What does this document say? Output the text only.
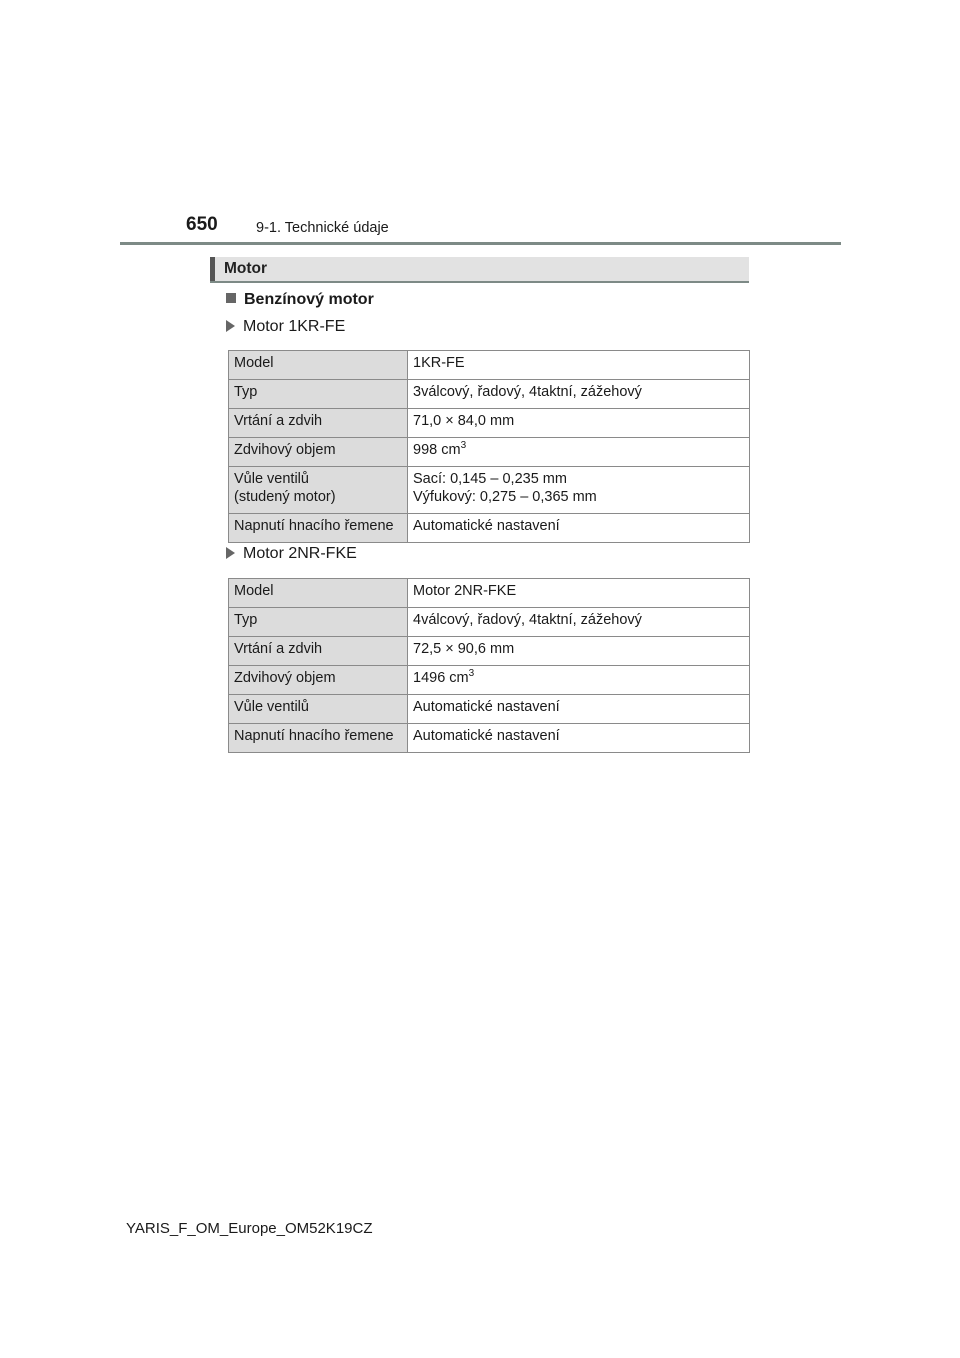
650	9-1. Technické údaje
Motor
Benzínový motor
Motor 1KR-FE
Model	1KR-FE
Typ	3válcový, řadový, 4taktní, zážehový
Vrtání a zdvih	71,0 × 84,0 mm
Zdvihový objem	998 $cm^3$
Vůle ventilů
(studený motor)	Sací: 0,145 – 0,235 mm
Výfukový: 0,275 – 0,365 mm
Napnutí hnacího řemene	Automatické nastavení
Motor 2NR-FKE
Model	Motor 2NR-FKE
Typ	4válcový, řadový, 4taktní, zážehový
Vrtání a zdvih	72,5 × 90,6 mm
Zdvihový objem	1496 $cm^3$
Vůle ventilů	Automatické nastavení
Napnutí hnacího řemene	Automatické nastavení
YARIS_F_OM_Europe_OM52K19CZ
